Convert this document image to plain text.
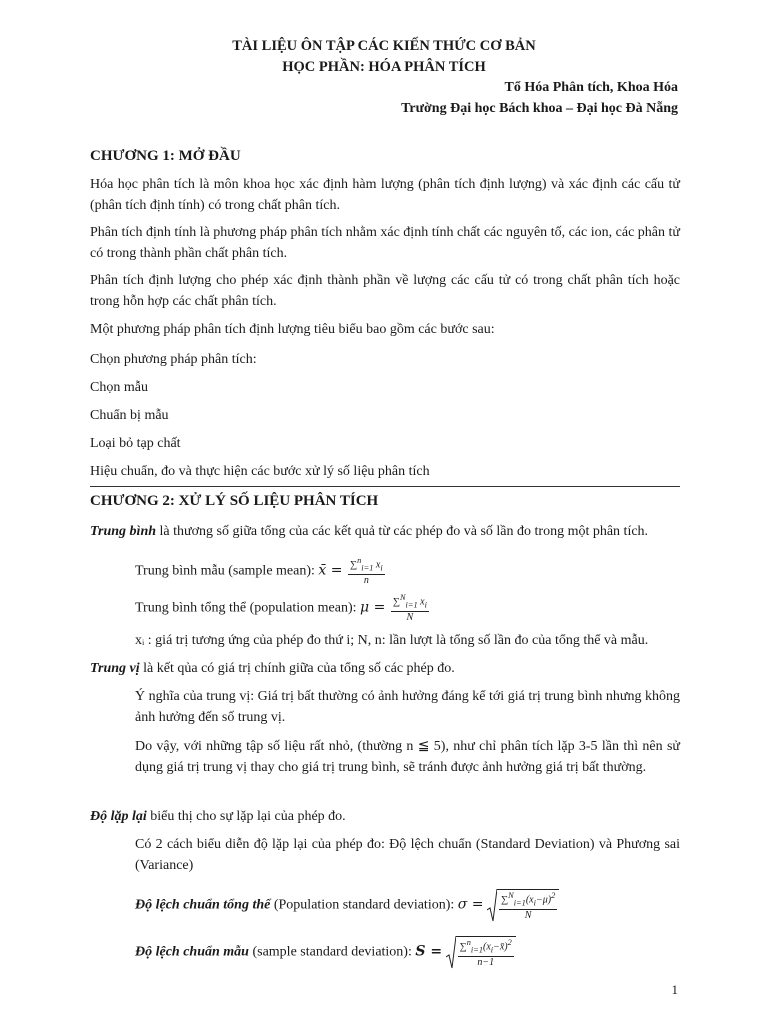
TÀI LIỆU ÔN TẬP CÁC KIẾN THỨC CƠ BẢN
HỌC PHẦN: HÓA PHÂN TÍCH
Tổ Hóa Phân tích, Khoa Hóa
Trường Đại học Bách khoa – Đại học Đà Nẵng
CHƯƠNG 1: MỞ ĐẦU
Hóa học phân tích là môn khoa học xác định hàm lượng (phân tích định lượng) và xác định các cấu tử (phân tích định tính) có trong chất phân tích.
Phân tích định tính là phương pháp phân tích nhằm xác định tính chất các nguyên tố, các ion, các phân tử có trong thành phần chất phân tích.
Phân tích định lượng cho phép xác định thành phần về lượng các cấu tử có trong chất phân tích hoặc trong hỗn hợp các chất phân tích.
Một phương pháp phân tích định lượng tiêu biểu bao gồm các bước sau:
Chọn phương pháp phân tích:
Chọn mẫu
Chuẩn bị mẫu
Loại bỏ tạp chất
Hiệu chuẩn, đo và thực hiện các bước xử lý số liệu phân tích
CHƯƠNG 2: XỬ LÝ SỐ LIỆU PHÂN TÍCH
Trung bình là thương số giữa tổng của các kết quả từ các phép đo và số lần đo trong một phân tích.
Trung bình mẫu (sample mean): x̄ = $\frac{\sum^n_{i=1} x_i}{n}$
Trung bình tổng thể (population mean): $\mu = \frac{\sum^N_{i=1} x_i}{N}$
xᵢ : giá trị tương ứng của phép đo thứ i; N, n: lần lượt là tổng số lần đo của tổng thể và mẫu.
Trung vị là kết qủa có giá trị chính giữa của tổng số các phép đo.
Ý nghĩa của trung vị: Giá trị bất thường có ảnh hưởng đáng kể tới giá trị trung bình nhưng không ảnh hưởng đến số trung vị.
Do vậy, với những tập số liệu rất nhỏ, (thường n ≦ 5), như chỉ phân tích lặp 3-5 lần thì nên sử dụng giá trị trung vị thay cho giá trị trung bình, sẽ tránh được ảnh hưởng giá trị bất thường.
Độ lặp lại biểu thị cho sự lặp lại của phép đo.
Có 2 cách biểu diễn độ lặp lại của phép đo: Độ lệch chuẩn (Standard Deviation) và Phương sai (Variance)
Độ lệch chuẩn tổng thể (Population standard deviation): $\sigma = \frac{\sum^N_{i=1}(x_i-\mu)^2}{N}$
Độ lệch chuẩn mẫu (sample standard deviation): $S = \frac{\sum^n_{i=1}(x_i-x̄)^2}{n-1}$
1
